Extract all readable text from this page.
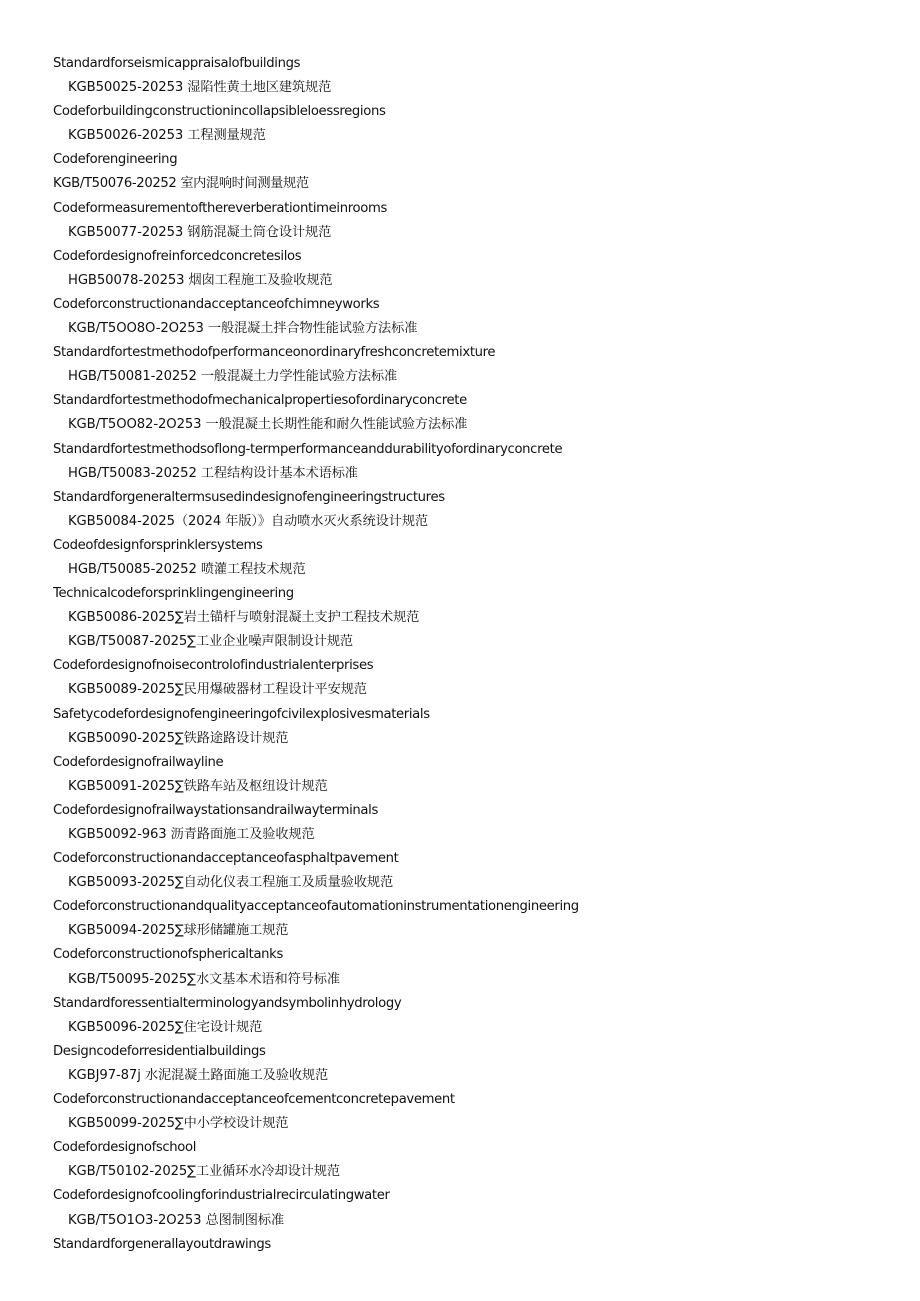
Standardforseismicappraisalofbuildings
KGB50025-20253 湿陷性黄土地区建筑规范
Codeforbuildingconstructionincollapsibleloessregions
KGB50026-20253 工程测量规范
Codeforengineering
KGB/T50076-20252 室内混响时间测量规范
Codeformeasurementofthereverberationtimeinrooms
KGB50077-20253 钢筋混凝土筒仓设计规范
Codefordesignofreinforcedconcretesilos
HGB50078-20253 烟囱工程施工及验收规范
Codeforconstructionandacceptanceofchimneyworks
KGB/T5OO8O-2O253 一般混凝土拌合物性能试验方法标准
Standardfortestmethodofperformanceonordinaryfreshconcretemixture
HGB/T50081-20252 一般混凝土力学性能试验方法标准
Standardfortestmethodofmechanicalpropertiesofordinaryconcrete
KGB/T5OO82-2O253 一般混凝土长期性能和耐久性能试验方法标准
Standardfortestmethodsoflong-termperformanceanddurabilityofordinaryconcrete
HGB/T50083-20252 工程结构设计基本术语标准
Standardforgeneraltermsusedindesignofengineeringstructures
KGB50084-2025（2024 年版）》自动喷水灭火系统设计规范
Codeofdesignforsprinklersystems
HGB/T50085-20252 喷灌工程技术规范
Technicalcodeforsprinklingengineering
KGB50086-2025∑岩土锚杆与喷射混凝土支护工程技术规范
KGB/T50087-2025∑工业企业噪声限制设计规范
Codefordesignofnoisecontrolofindustrialenterprises
KGB50089-2025∑民用爆破器材工程设计平安规范
Safetycodefordesignofengineeringofcivilexplosivesmaterials
KGB50090-2025∑铁路途路设计规范
Codefordesignofrailwayline
KGB50091-2025∑铁路车站及枢纽设计规范
Codefordesignofrailwaystationsandrailwayterminals
KGB50092-963 沥青路面施工及验收规范
Codeforconstructionandacceptanceofasphaltpavement
KGB50093-2025∑自动化仪表工程施工及质量验收规范
Codeforconstructionandqualityacceptanceofautomationinstrumentationengineering
KGB50094-2025∑球形储罐施工规范
Codeforconstructionofsphericaltanks
KGB/T50095-2025∑水文基本术语和符号标准
Standardforessentialterminologyandsymbolinhydrology
KGB50096-2025∑住宅设计规范
Designcodeforresidentialbuildings
KGBJ97-87j 水泥混凝土路面施工及验收规范
Codeforconstructionandacceptanceofcementconcretepavement
KGB50099-2025∑中小学校设计规范
Codefordesignofschool
KGB/T50102-2025∑工业循环水冷却设计规范
Codefordesignofcoolingforindustrialrecirculatingwater
KGB/T5O1O3-2O253 总图制图标准
Standardforgenerallayoutdrawings
